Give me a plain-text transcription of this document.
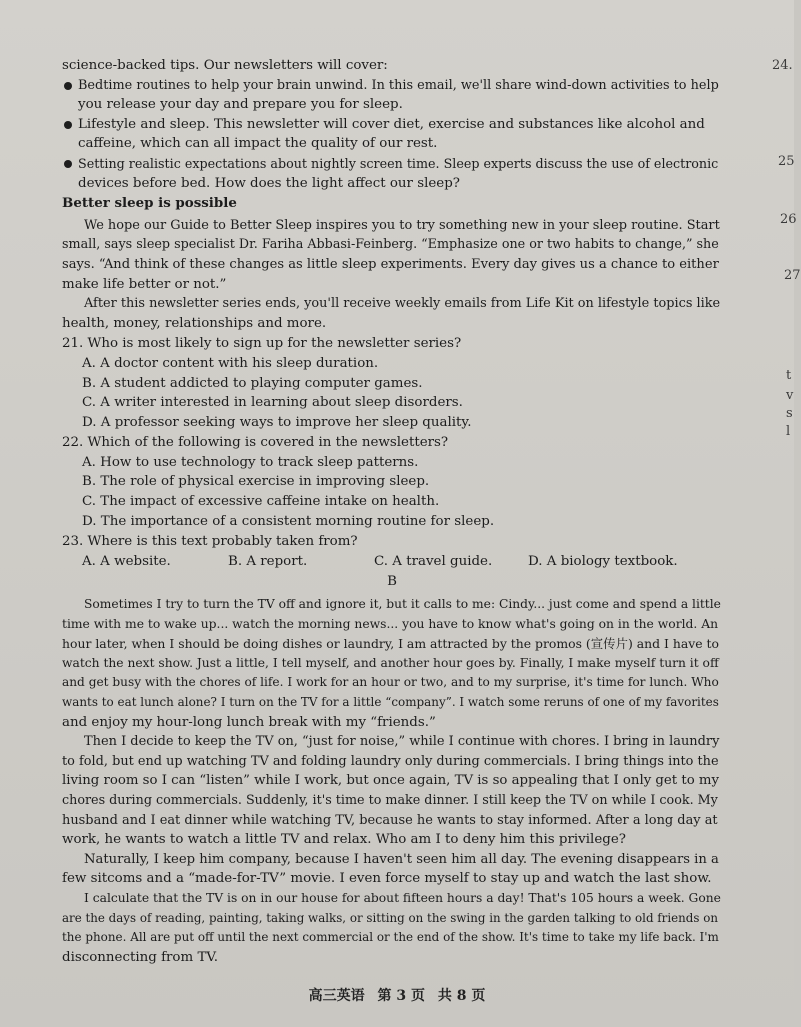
24.
25
26
27
t
v
s
l
science-backed tips. Our newsletters will cover:
Bedtime routines to help your brain unwind. In this email, we'll share wind-down activities to help
you release your day and prepare you for sleep.
Lifestyle and sleep. This newsletter will cover diet, exercise and substances like alcohol and
caffeine, which can all impact the quality of our rest.
Setting realistic expectations about nightly screen time. Sleep experts discuss the use of electronic
devices before bed. How does the light affect our sleep?
Better sleep is possible
We hope our Guide to Better Sleep inspires you to try something new in your sleep routine. Start
small, says sleep specialist Dr. Fariha Abbasi-Feinberg. “Emphasize one or two habits to change,” she
says. “And think of these changes as little sleep experiments. Every day gives us a chance to either
make life better or not.”
After this newsletter series ends, you'll receive weekly emails from Life Kit on lifestyle topics like
health, money, relationships and more.
21. Who is most likely to sign up for the newsletter series?
A. A doctor content with his sleep duration.
B. A student addicted to playing computer games.
C. A writer interested in learning about sleep disorders.
D. A professor seeking ways to improve her sleep quality.
22. Which of the following is covered in the newsletters?
A. How to use technology to track sleep patterns.
B. The role of physical exercise in improving sleep.
C. The impact of excessive caffeine intake on health.
D. The importance of a consistent morning routine for sleep.
23. Where is this text probably taken from?
A. A website.	B. A report.	C. A travel guide.	D. A biology textbook.
B
Sometimes I try to turn the TV off and ignore it, but it calls to me: Cindy... just come and spend a little
time with me to wake up... watch the morning news... you have to know what's going on in the world. An
hour later, when I should be doing dishes or laundry, I am attracted by the promos (宣传片) and I have to
watch the next show. Just a little, I tell myself, and another hour goes by. Finally, I make myself turn it off
and get busy with the chores of life. I work for an hour or two, and to my surprise, it's time for lunch. Who
wants to eat lunch alone? I turn on the TV for a little “company”. I watch some reruns of one of my favorites
and enjoy my hour-long lunch break with my “friends.”
Then I decide to keep the TV on, “just for noise,” while I continue with chores. I bring in laundry
to fold, but end up watching TV and folding laundry only during commercials. I bring things into the
living room so I can “listen” while I work, but once again, TV is so appealing that I only get to my
chores during commercials. Suddenly, it's time to make dinner. I still keep the TV on while I cook. My
husband and I eat dinner while watching TV, because he wants to stay informed. After a long day at
work, he wants to watch a little TV and relax. Who am I to deny him this privilege?
Naturally, I keep him company, because I haven't seen him all day. The evening disappears in a
few sitcoms and a “made-for-TV” movie. I even force myself to stay up and watch the last show.
I calculate that the TV is on in our house for about fifteen hours a day! That's 105 hours a week. Gone
are the days of reading, painting, taking walks, or sitting on the swing in the garden talking to old friends on
the phone. All are put off until the next commercial or the end of the show. It's time to take my life back. I'm
disconnecting from TV.
高三英语 第 3 页 共 8 页
